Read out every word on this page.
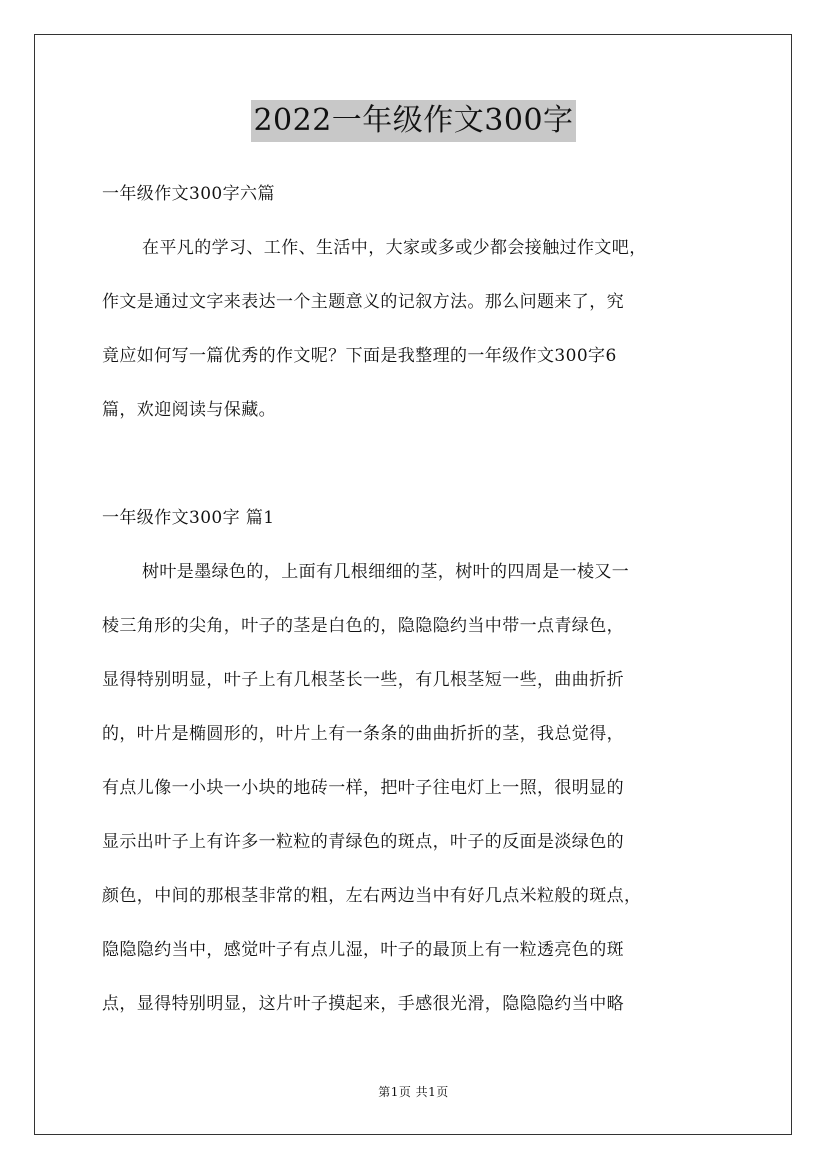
2022一年级作文300字
一年级作文300字六篇
在平凡的学习、工作、生活中，大家或多或少都会接触过作文吧，
作文是通过文字来表达一个主题意义的记叙方法。那么问题来了，究
竟应如何写一篇优秀的作文呢？下面是我整理的一年级作文300字6
篇，欢迎阅读与保藏。
一年级作文300字 篇1
树叶是墨绿色的，上面有几根细细的茎，树叶的四周是一棱又一
棱三角形的尖角，叶子的茎是白色的，隐隐隐约当中带一点青绿色，
显得特别明显，叶子上有几根茎长一些，有几根茎短一些，曲曲折折
的，叶片是椭圆形的，叶片上有一条条的曲曲折折的茎，我总觉得，
有点儿像一小块一小块的地砖一样，把叶子往电灯上一照，很明显的
显示出叶子上有许多一粒粒的青绿色的斑点，叶子的反面是淡绿色的
颜色，中间的那根茎非常的粗，左右两边当中有好几点米粒般的斑点，
隐隐隐约当中，感觉叶子有点儿湿，叶子的最顶上有一粒透亮色的斑
点，显得特别明显，这片叶子摸起来，手感很光滑，隐隐隐约当中略
第1页 共1页
